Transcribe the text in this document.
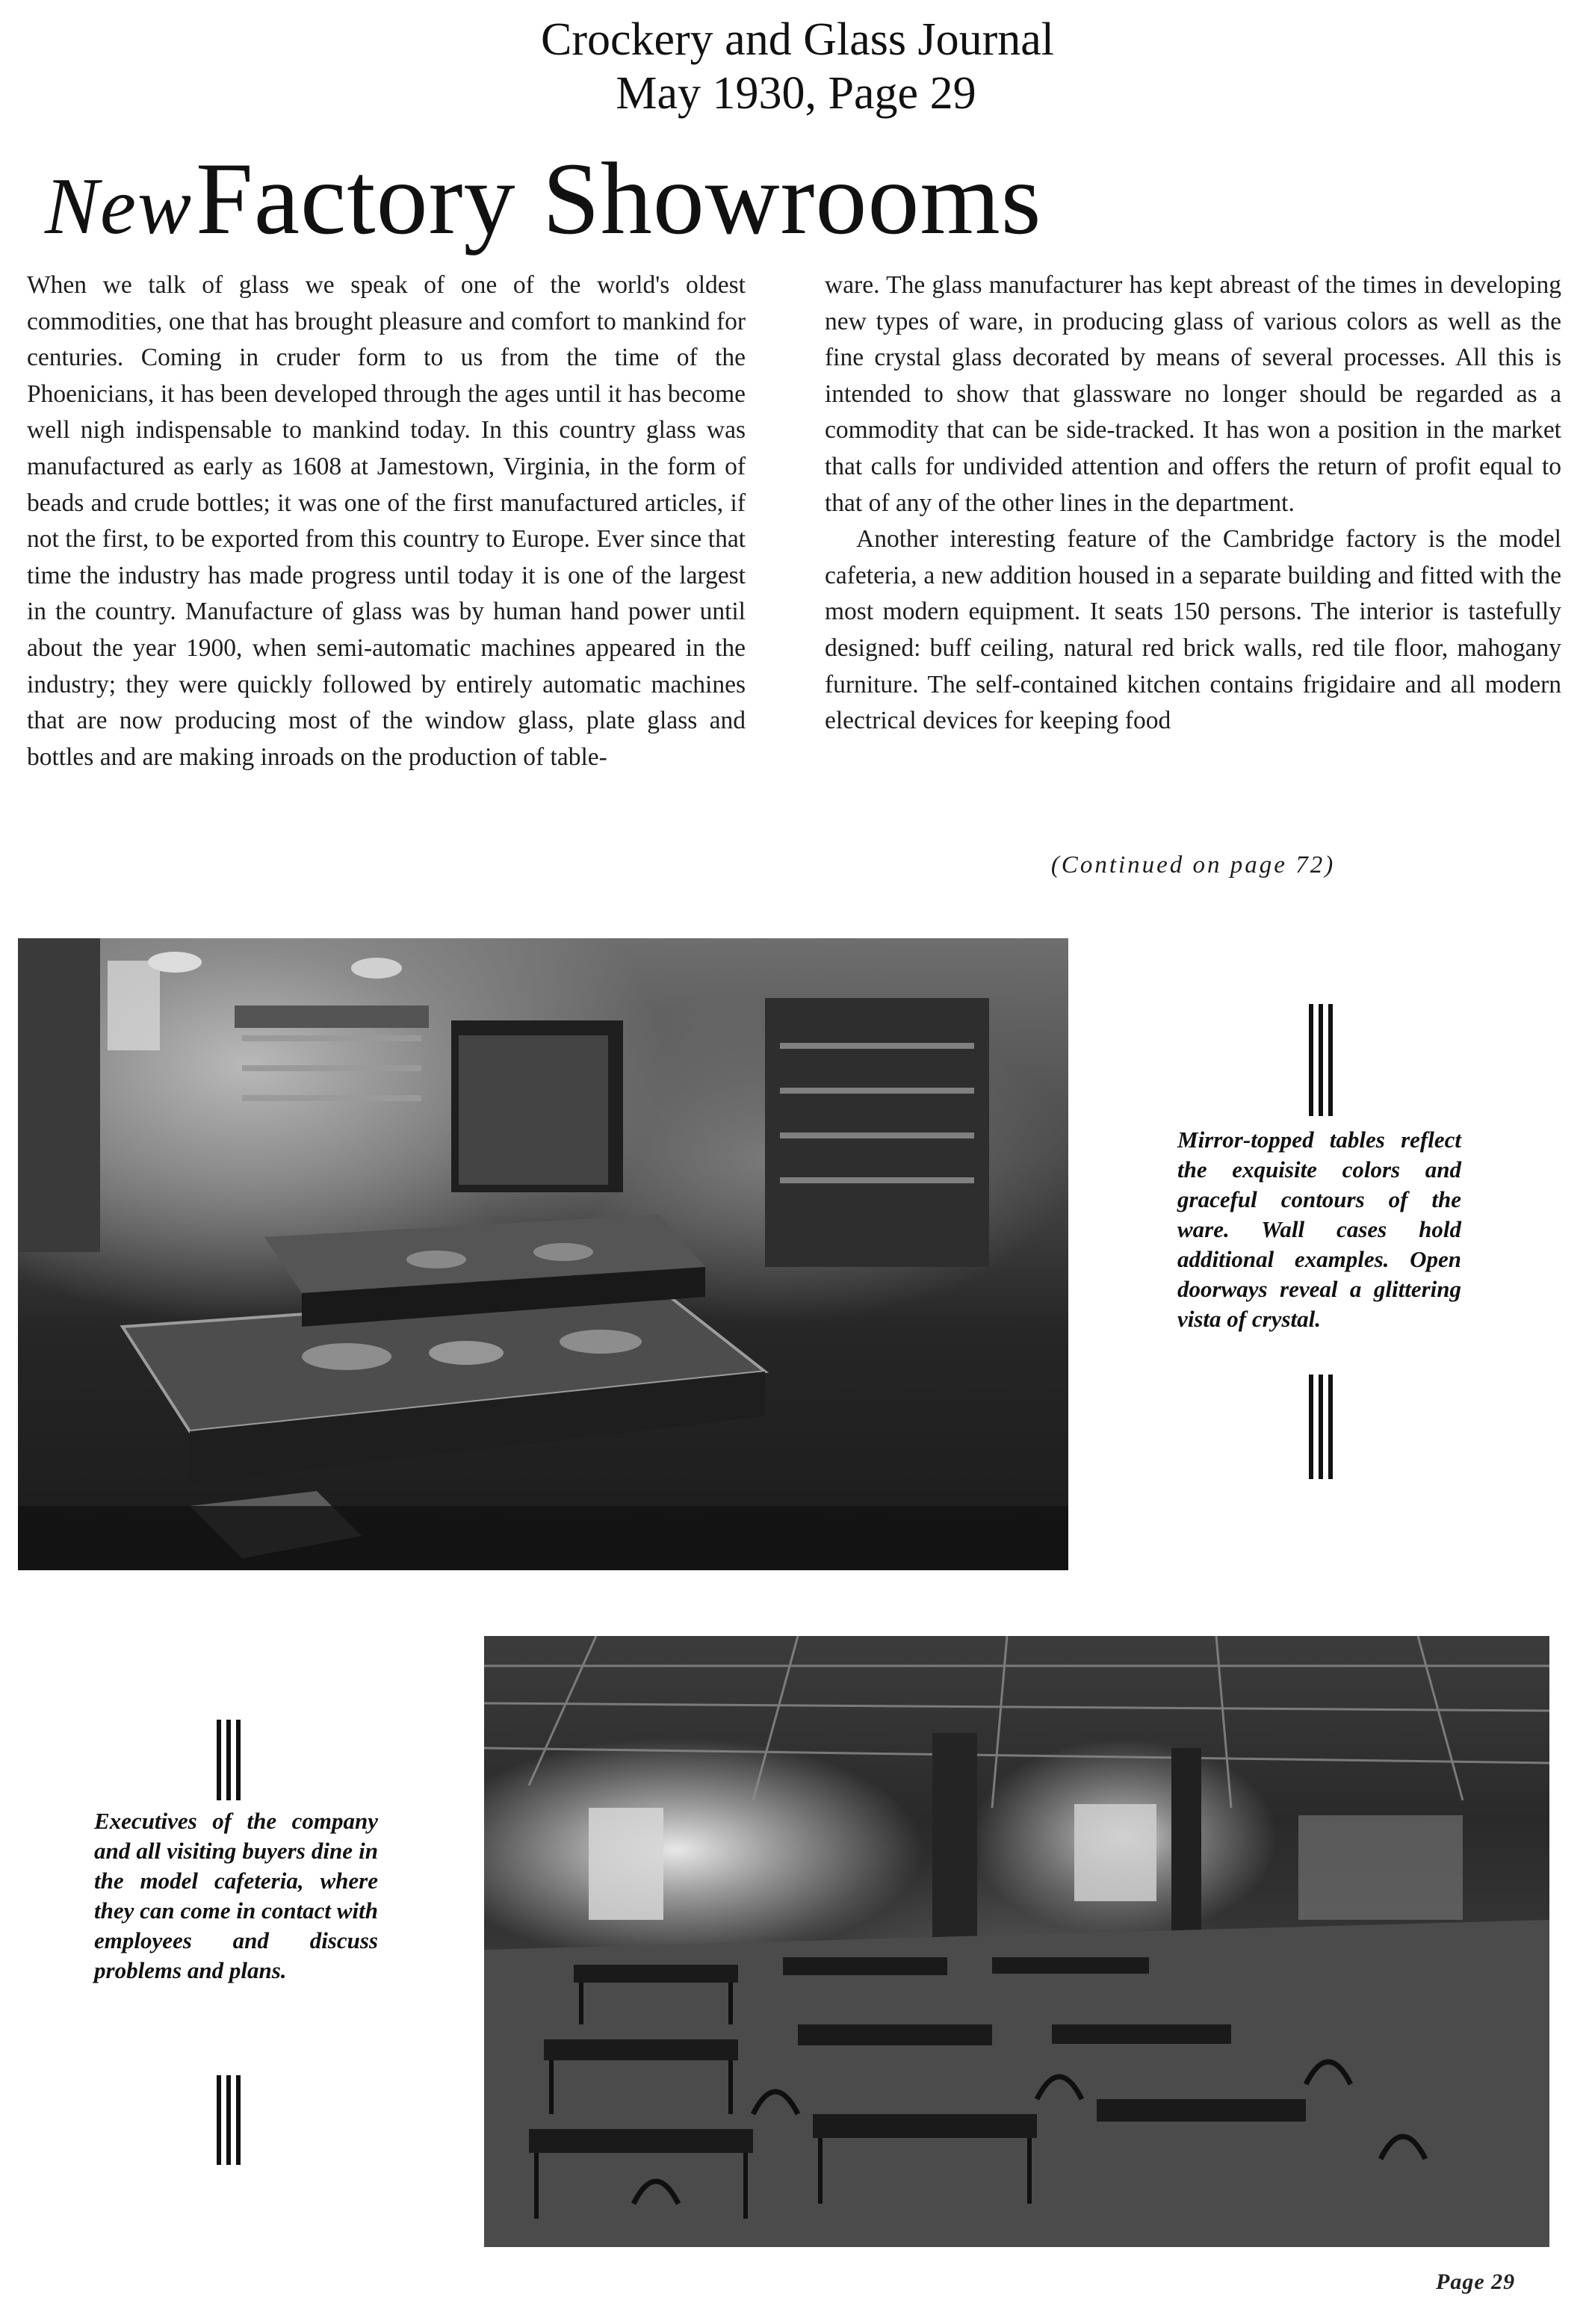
Crockery and Glass Journal
May 1930, Page 29
New Factory Showrooms

When we talk of glass we speak of one of the world's oldest commodities, one that has brought pleasure and comfort to mankind for centuries. Coming in cruder form to us from the time of the Phoenicians, it has been developed through the ages until it has become well nigh indispensable to mankind today. In this country glass was manufactured as early as 1608 at Jamestown, Virginia, in the form of beads and crude bottles; it was one of the first manufactured articles, if not the first, to be exported from this country to Europe. Ever since that time the industry has made progress until today it is one of the largest in the country. Manufacture of glass was by human hand power until about the year 1900, when semi-automatic machines appeared in the industry; they were quickly followed by entirely automatic machines that are now producing most of the window glass, plate glass and bottles and are making inroads on the production of table-

ware. The glass manufacturer has kept abreast of the times in developing new types of ware, in producing glass of various colors as well as the fine crystal glass decorated by means of several processes. All this is intended to show that glassware no longer should be regarded as a commodity that can be side-tracked. It has won a position in the market that calls for undivided attention and offers the return of profit equal to that of any of the other lines in the department.

Another interesting feature of the Cambridge factory is the model cafeteria, a new addition housed in a separate building and fitted with the most modern equipment. It seats 150 persons. The interior is tastefully designed: buff ceiling, natural red brick walls, red tile floor, mahogany furniture. The self-contained kitchen contains frigidaire and all modern electrical devices for keeping food

(Continued on page 72)
Mirror-topped tables reflect the exquisite colors and graceful contours of the ware. Wall cases hold additional examples. Open doorways reveal a glittering vista of crystal.
Executives of the company and all visiting buyers dine in the model cafeteria, where they can come in contact with employees and discuss problems and plans.
Page 29
